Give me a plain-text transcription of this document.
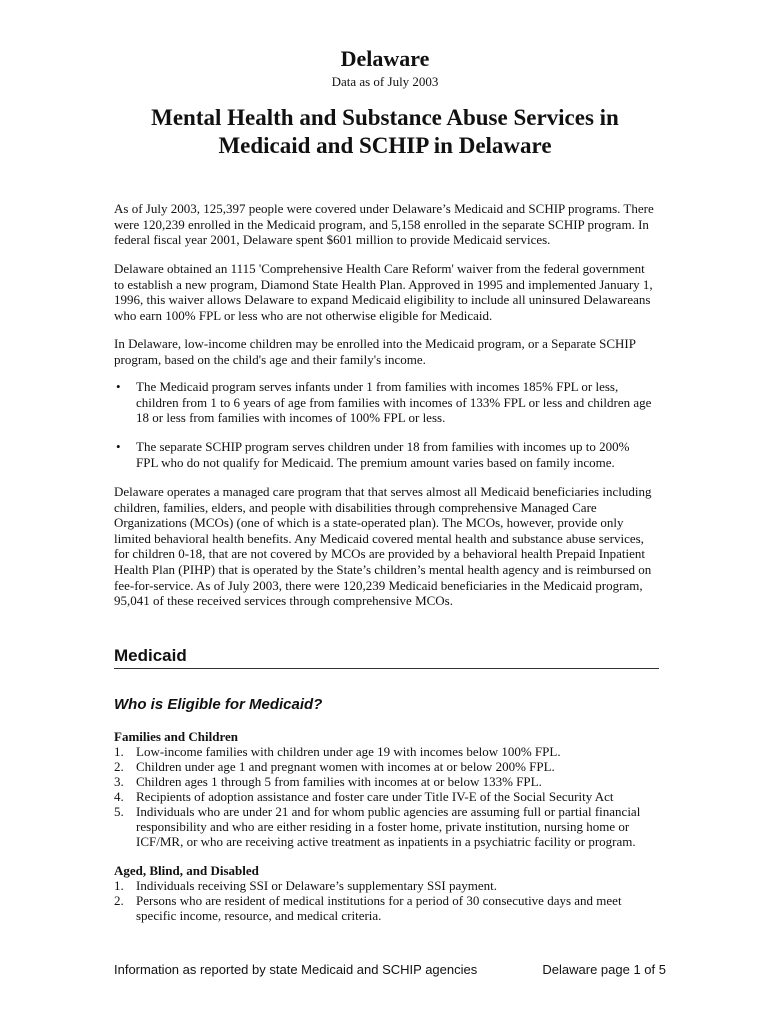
Delaware
Data as of July 2003
Mental Health and Substance Abuse Services in
Medicaid and SCHIP in Delaware

As of July 2003, 125,397 people were covered under Delaware’s Medicaid and SCHIP programs. There were 120,239 enrolled in the Medicaid program, and 5,158 enrolled in the separate SCHIP program. In federal fiscal year 2001, Delaware spent $601 million to provide Medicaid services.

Delaware obtained an 1115 'Comprehensive Health Care Reform' waiver from the federal government to establish a new program, Diamond State Health Plan. Approved in 1995 and implemented January 1, 1996, this waiver allows Delaware to expand Medicaid eligibility to include all uninsured Delawareans who earn 100% FPL or less who are not otherwise eligible for Medicaid.

In Delaware, low-income children may be enrolled into the Medicaid program, or a Separate SCHIP program, based on the child's age and their family's income.

• The Medicaid program serves infants under 1 from families with incomes 185% FPL or less, children from 1 to 6 years of age from families with incomes of 133% FPL or less and children age 18 or less from families with incomes of 100% FPL or less.
• The separate SCHIP program serves children under 18 from families with incomes up to 200% FPL who do not qualify for Medicaid. The premium amount varies based on family income.

Delaware operates a managed care program that that serves almost all Medicaid beneficiaries including children, families, elders, and people with disabilities through comprehensive Managed Care Organizations (MCOs) (one of which is a state-operated plan). The MCOs, however, provide only limited behavioral health benefits. Any Medicaid covered mental health and substance abuse services, for children 0-18, that are not covered by MCOs are provided by a behavioral health Prepaid Inpatient Health Plan (PIHP) that is operated by the State’s children’s mental health agency and is reimbursed on fee-for-service. As of July 2003, there were 120,239 Medicaid beneficiaries in the Medicaid program, 95,041 of these received services through comprehensive MCOs.

Medicaid
Who is Eligible for Medicaid?
Families and Children
1. Low-income families with children under age 19 with incomes below 100% FPL.
2. Children under age 1 and pregnant women with incomes at or below 200% FPL.
3. Children ages 1 through 5 from families with incomes at or below 133% FPL.
4. Recipients of adoption assistance and foster care under Title IV-E of the Social Security Act
5. Individuals who are under 21 and for whom public agencies are assuming full or partial financial responsibility and who are either residing in a foster home, private institution, nursing home or ICF/MR, or who are receiving active treatment as inpatients in a psychiatric facility or program.
Aged, Blind, and Disabled
1. Individuals receiving SSI or Delaware’s supplementary SSI payment.
2. Persons who are resident of medical institutions for a period of 30 consecutive days and meet specific income, resource, and medical criteria.
Information as reported by state Medicaid and SCHIP agencies	Delaware page 1 of 5
